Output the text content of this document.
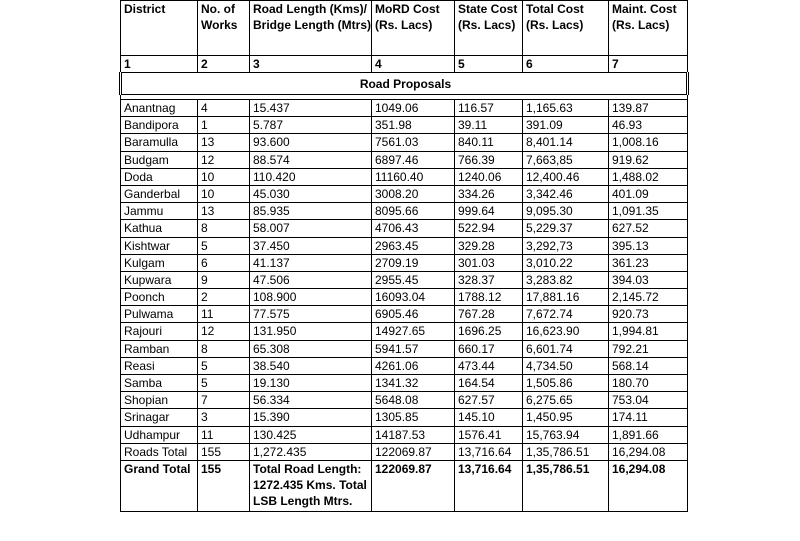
District	No. of Works	Road Length (Kms)/ Bridge Length (Mtrs)	MoRD Cost (Rs. Lacs)	State Cost (Rs. Lacs)	Total Cost (Rs. Lacs)	Maint. Cost (Rs. Lacs)
1	2	3	4	5	6	7
Road Proposals						

Anantnag	4	15.437	1049.06	116.57	1,165.63	139.87
Bandipora	1	5.787	351.98	39.11	391.09	46.93
Baramulla	13	93.600	7561.03	840.11	8,401.14	1,008.16
Budgam	12	88.574	6897.46	766.39	7,663,85	919.62
Doda	10	110.420	11160.40	1240.06	12,400.46	1,488.02
Ganderbal	10	45.030	3008.20	334.26	3,342.46	401.09
Jammu	13	85.935	8095.66	999.64	9,095.30	1,091.35
Kathua	8	58.007	4706.43	522.94	5,229.37	627.52
Kishtwar	5	37.450	2963.45	329.28	3,292,73	395.13
Kulgam	6	41.137	2709.19	301.03	3,010.22	361.23
Kupwara	9	47.506	2955.45	328.37	3,283.82	394.03
Poonch	2	108.900	16093.04	1788.12	17,881.16	2,145.72
Pulwama	11	77.575	6905.46	767.28	7,672.74	920.73
Rajouri	12	131.950	14927.65	1696.25	16,623.90	1,994.81
Ramban	8	65.308	5941.57	660.17	6,601.74	792.21
Reasi	5	38.540	4261.06	473.44	4,734.50	568.14
Samba	5	19.130	1341.32	164.54	1,505.86	180.70
Shopian	7	56.334	5648.08	627.57	6,275.65	753.04
Srinagar	3	15.390	1305.85	145.10	1,450.95	174.11
Udhampur	11	130.425	14187.53	1576.41	15,763.94	1,891.66
Roads Total	155	1,272.435	122069.87	13,716.64	1,35,786.51	16,294.08
Grand Total	155	Total Road Length: 1272.435 Kms. Total LSB Length Mtrs.	122069.87	13,716.64	1,35,786.51	16,294.08
